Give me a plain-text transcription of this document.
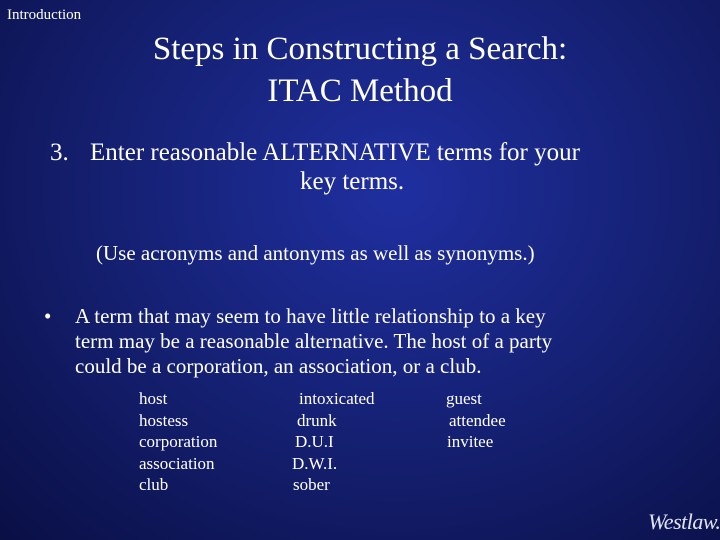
Introduction
Steps in Constructing a Search:
ITAC Method
3. Enter reasonable ALTERNATIVE terms for your
key terms.
(Use acronyms and antonyms as well as synonyms.)
• A term that may seem to have little relationship to a key
term may be a reasonable alternative. The host of a party
could be a corporation, an association, or a club.
host
hostess
corporation
association
club
intoxicated
drunk
D.U.I
D.W.I.
sober
guest
attendee
invitee
Westlaw.
